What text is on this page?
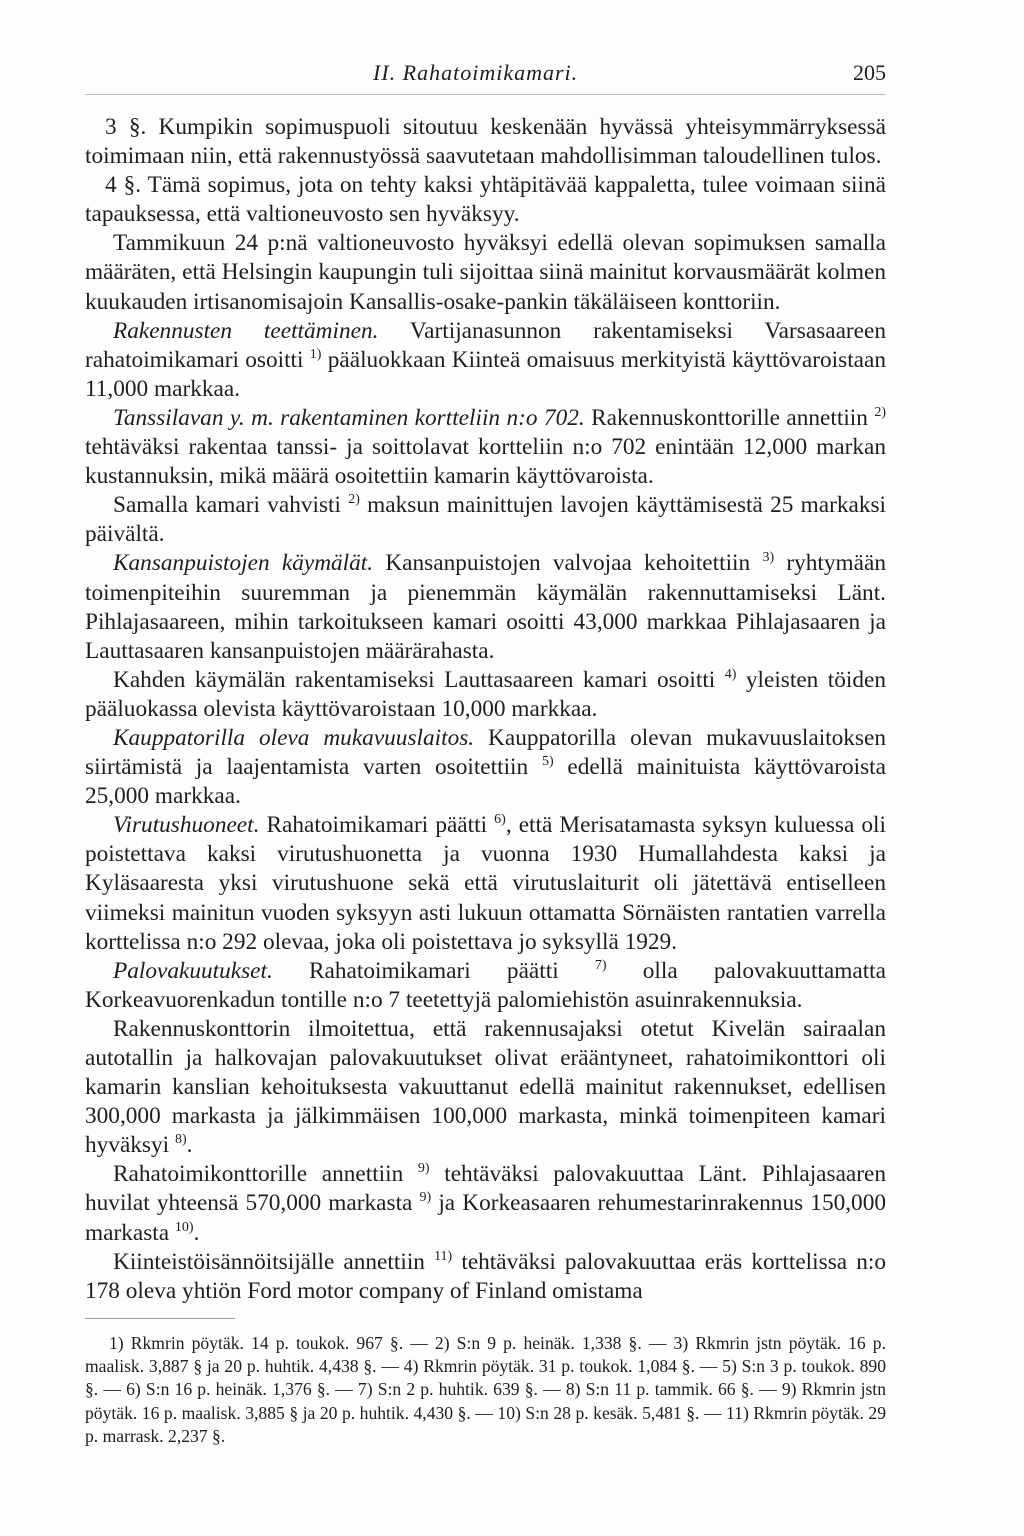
II. Rahatoimikamari.	205

3 §. Kumpikin sopimuspuoli sitoutuu keskenään hyvässä yhteisymmärryksessä toimimaan niin, että rakennustyössä saavutetaan mahdollisimman taloudellinen tulos.

4 §. Tämä sopimus, jota on tehty kaksi yhtäpitävää kappaletta, tulee voimaan siinä tapauksessa, että valtioneuvosto sen hyväksyy.

Tammikuun 24 p:nä valtioneuvosto hyväksyi edellä olevan sopimuksen samalla määräten, että Helsingin kaupungin tuli sijoittaa siinä mainitut korvausmäärät kolmen kuukauden irtisanomisajoin Kansallis-osake-pankin täkäläiseen konttoriin.

Rakennusten teettäminen. Vartijanasunnon rakentamiseksi Varsasaareen rahatoimikamari osoitti $^{1)}$ pääluokkaan Kiinteä omaisuus merkityistä käyttövaroistaan 11,000 markkaa.

Tanssilavan y. m. rakentaminen kortteliin n:o 702. Rakennuskonttorille annettiin $^{2)}$ tehtäväksi rakentaa tanssi- ja soittolavat kortteliin n:o 702 enintään 12,000 markan kustannuksin, mikä määrä osoitettiin kamarin käyttövaroista.

Samalla kamari vahvisti $^{2)}$ maksun mainittujen lavojen käyttämisestä 25 markaksi päivältä.

Kansanpuistojen käymälät. Kansanpuistojen valvojaa kehoitettiin $^{3)}$ ryhtymään toimenpiteihin suuremman ja pienemmän käymälän rakennuttamiseksi Länt. Pihlajasaareen, mihin tarkoitukseen kamari osoitti 43,000 markkaa Pihlajasaaren ja Lauttasaaren kansanpuistojen määrärahasta.

Kahden käymälän rakentamiseksi Lauttasaareen kamari osoitti $^{4)}$ yleisten töiden pääluokassa olevista käyttövaroistaan 10,000 markkaa.

Kauppatorilla oleva mukavuuslaitos. Kauppatorilla olevan mukavuuslaitoksen siirtämistä ja laajentamista varten osoitettiin $^{5)}$ edellä mainituista käyttövaroista 25,000 markkaa.

Virutushuoneet. Rahatoimikamari päätti $^{6)}$, että Merisatamasta syksyn kuluessa oli poistettava kaksi virutushuonetta ja vuonna 1930 Humallahdesta kaksi ja Kyläsaaresta yksi virutushuone sekä että virutuslaiturit oli jätettävä entiselleen viimeksi mainitun vuoden syksyyn asti lukuun ottamatta Sörnäisten rantatien varrella korttelissa n:o 292 olevaa, joka oli poistettava jo syksyllä 1929.

Palovakuutukset. Rahatoimikamari päätti $^{7)}$ olla palovakuuttamatta Korkeavuorenkadun tontille n:o 7 teetettyjä palomiehistön asuinrakennuksia.

Rakennuskonttorin ilmoitettua, että rakennusajaksi otetut Kivelän sairaalan autotallin ja halkovajan palovakuutukset olivat erääntyneet, rahatoimikonttori oli kamarin kanslian kehoituksesta vakuuttanut edellä mainitut rakennukset, edellisen 300,000 markasta ja jälkimmäisen 100,000 markasta, minkä toimenpiteen kamari hyväksyi $^{8)}$.

Rahatoimikonttorille annettiin $^{9)}$ tehtäväksi palovakuuttaa Länt. Pihlajasaaren huvilat yhteensä 570,000 markasta $^{9)}$ ja Korkeasaaren rehumestarinrakennus 150,000 markasta $^{10)}$.

Kiinteistöisännöitsijälle annettiin $^{11)}$ tehtäväksi palovakuuttaa eräs korttelissa n:o 178 oleva yhtiön Ford motor company of Finland omistama

1) Rkmrin pöytäk. 14 p. toukok. 967 §. — 2) S:n 9 p. heinäk. 1,338 §. — 3) Rkmrin jstn pöytäk. 16 p. maalisk. 3,887 § ja 20 p. huhtik. 4,438 §. — 4) Rkmrin pöytäk. 31 p. toukok. 1,084 §. — 5) S:n 3 p. toukok. 890 §. — 6) S:n 16 p. heinäk. 1,376 §. — 7) S:n 2 p. huhtik. 639 §. — 8) S:n 11 p. tammik. 66 §. — 9) Rkmrin jstn pöytäk. 16 p. maalisk. 3,885 § ja 20 p. huhtik. 4,430 §. — 10) S:n 28 p. kesäk. 5,481 §. — 11) Rkmrin pöytäk. 29 p. marrask. 2,237 §.
